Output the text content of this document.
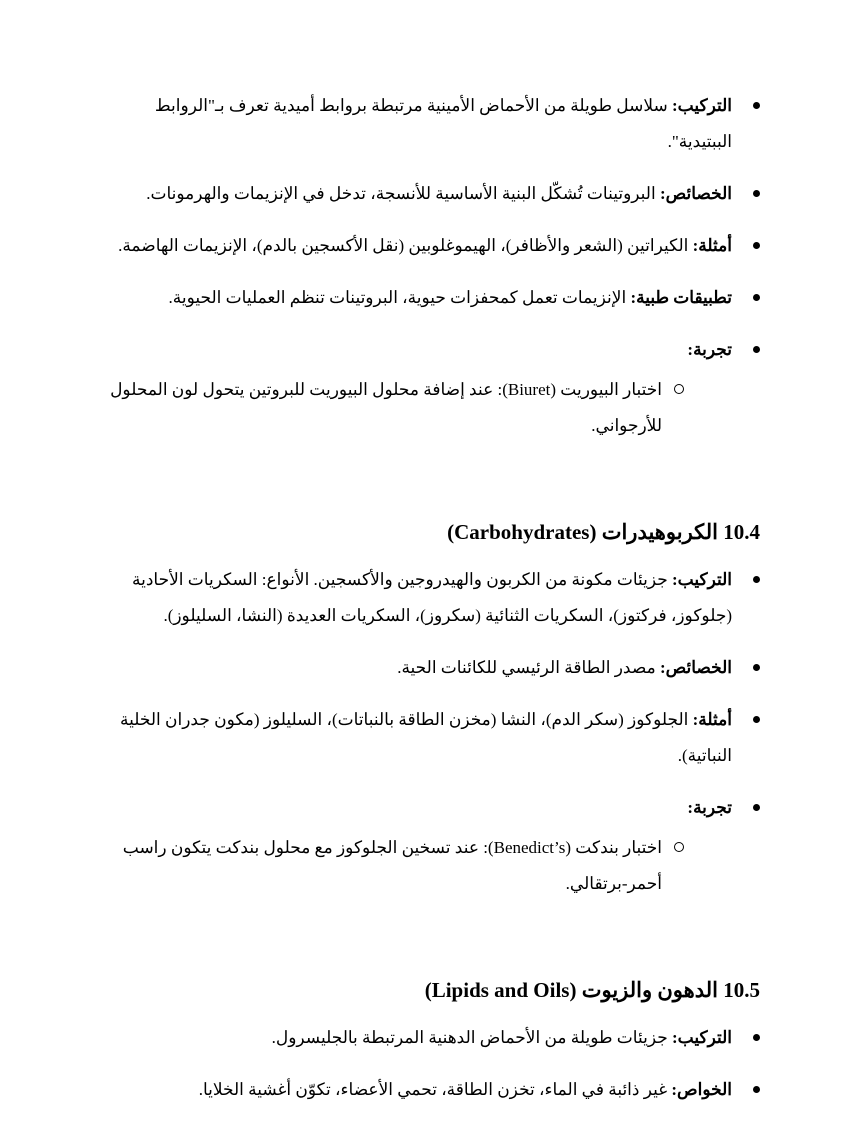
التركيب: سلاسل طويلة من الأحماض الأمينية مرتبطة بروابط أميدية تعرف بـ"الروابط الببتيدية".
الخصائص: البروتينات تُشكّل البنية الأساسية للأنسجة، تدخل في الإنزيمات والهرمونات.
أمثلة: الكيراتين (الشعر والأظافر)، الهيموغلوبين (نقل الأكسجين بالدم)، الإنزيمات الهاضمة.
تطبيقات طبية: الإنزيمات تعمل كمحفزات حيوية، البروتينات تنظم العمليات الحيوية.
تجربة:
اختبار البيوريت (Biuret): عند إضافة محلول البيوريت للبروتين يتحول لون المحلول للأرجواني.
10.4 الكربوهيدرات (Carbohydrates)
التركيب: جزيئات مكونة من الكربون والهيدروجين والأكسجين. الأنواع: السكريات الأحادية (جلوكوز، فركتوز)، السكريات الثنائية (سكروز)، السكريات العديدة (النشا، السليلوز).
الخصائص: مصدر الطاقة الرئيسي للكائنات الحية.
أمثلة: الجلوكوز (سكر الدم)، النشا (مخزن الطاقة بالنباتات)، السليلوز (مكون جدران الخلية النباتية).
تجربة:
اختبار بندكت (Benedict’s): عند تسخين الجلوكوز مع محلول بندكت يتكون راسب أحمر-برتقالي.
10.5 الدهون والزيوت (Lipids and Oils)
التركيب: جزيئات طويلة من الأحماض الدهنية المرتبطة بالجليسرول.
الخواص: غير ذائبة في الماء، تخزن الطاقة، تحمي الأعضاء، تكوّن أغشية الخلايا.
